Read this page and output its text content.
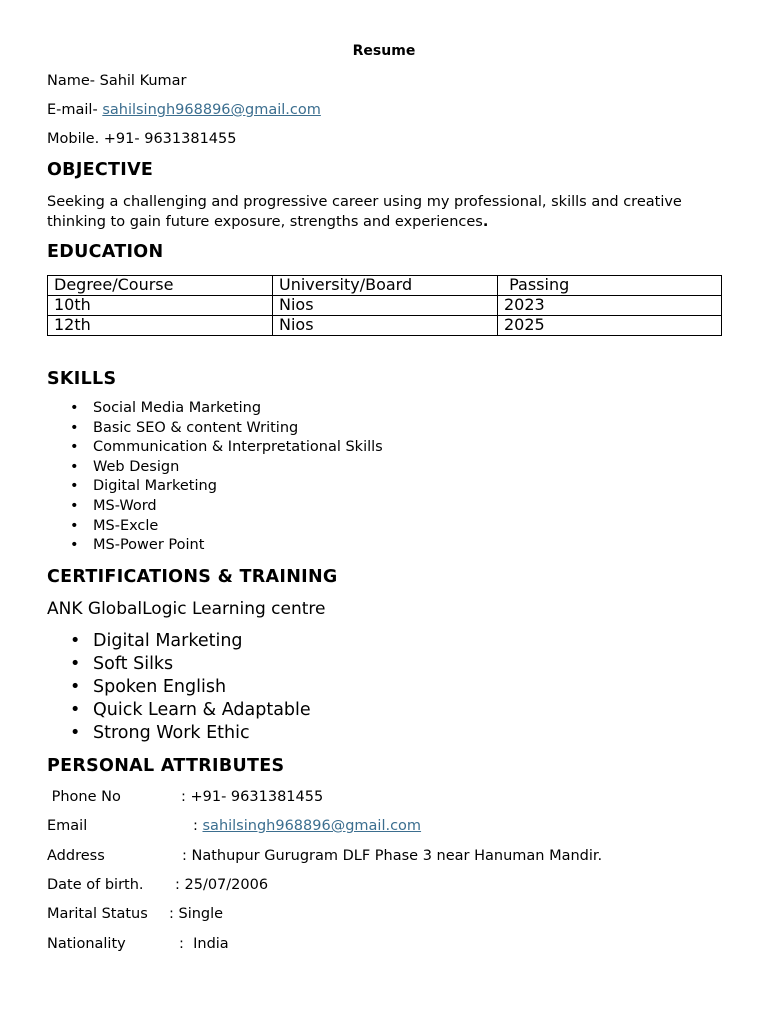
Resume
Name- Sahil Kumar
E-mail- sahilsingh968896@gmail.com
Mobile. +91- 9631381455
OBJECTIVE
Seeking a challenging and progressive career using my professional, skills and creative thinking to gain future exposure, strengths and experiences.
EDUCATION
Degree/Course	University/Board	Passing
10th	Nios	2023
12th	Nios	2025
SKILLS
• Social Media Marketing
• Basic SEO & content Writing
• Communication & Interpretational Skills
• Web Design
• Digital Marketing
• MS-Word
• MS-Excle
• MS-Power Point
CERTIFICATIONS & TRAINING
ANK GlobalLogic Learning centre
• Digital Marketing
• Soft Silks
• Spoken English
• Quick Learn & Adaptable
• Strong Work Ethic
PERSONAL ATTRIBUTES
Phone No	: +91- 9631381455
Email	: sahilsingh968896@gmail.com
Address	: Nathupur Gurugram DLF Phase 3 near Hanuman Mandir.
Date of birth. : 25/07/2006
Marital Status : Single
Nationality	:  India
